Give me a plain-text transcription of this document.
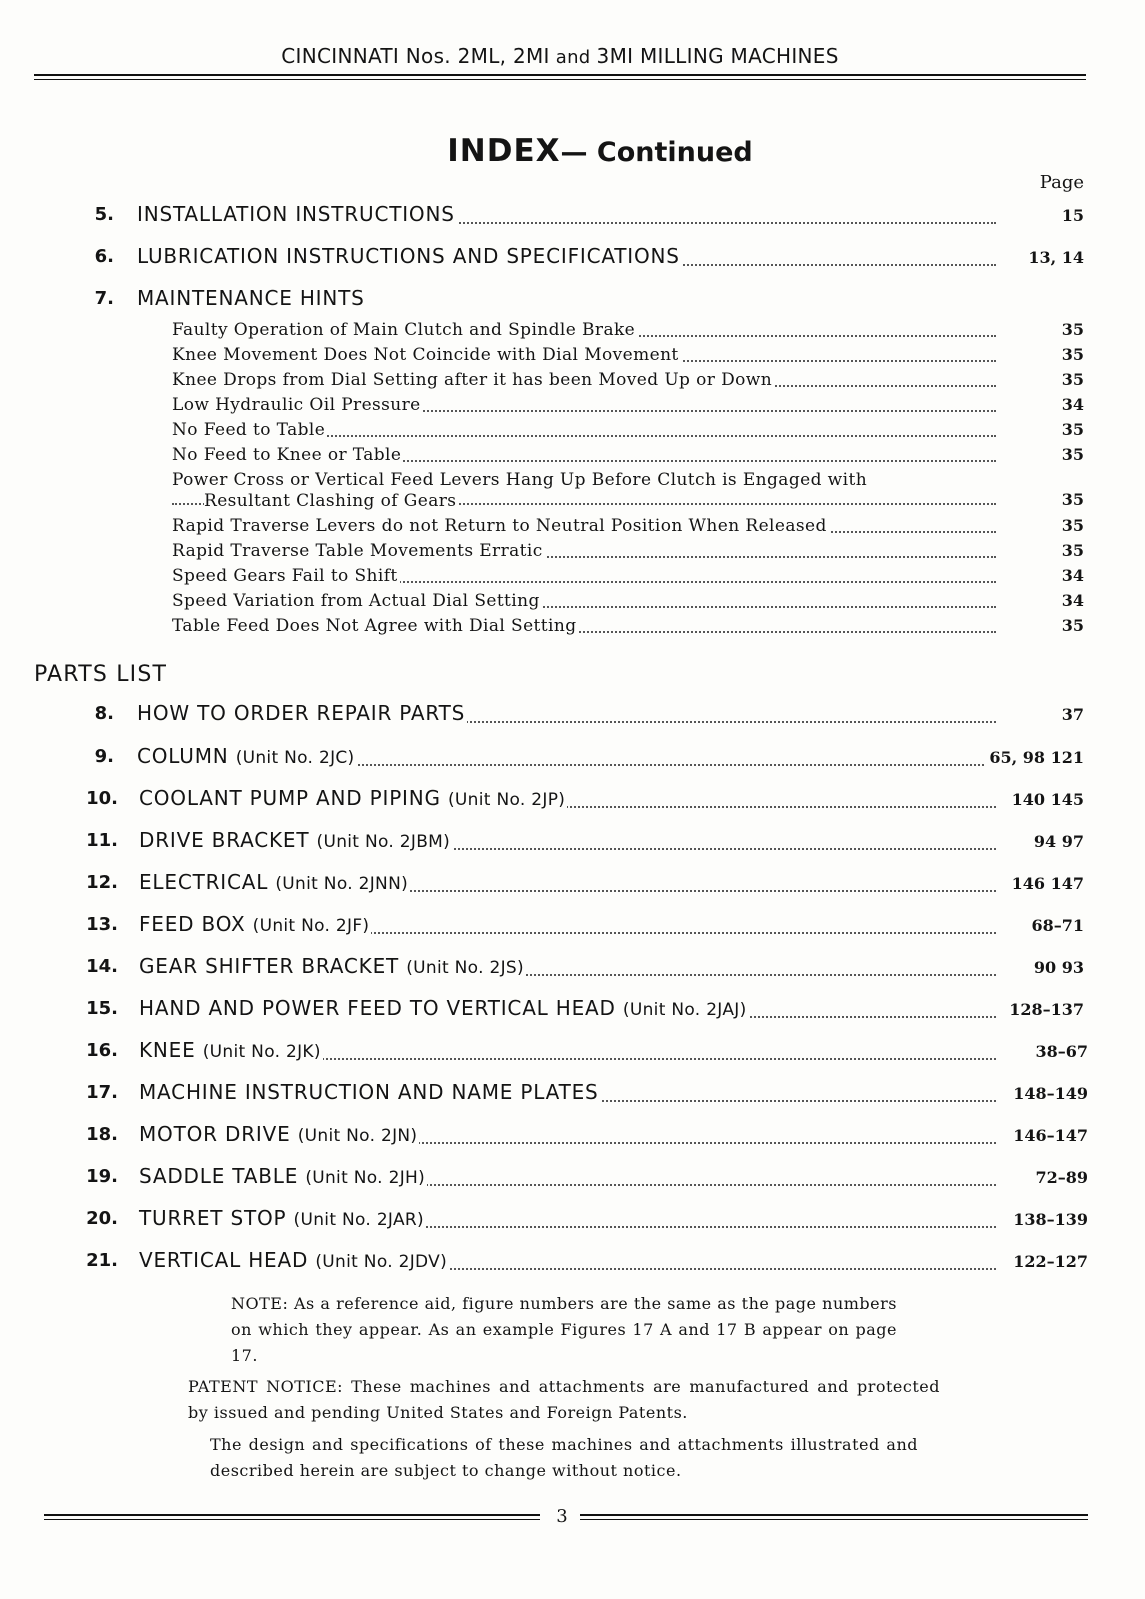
CINCINNATI Nos. 2ML, 2MI and 3MI MILLING MACHINES
INDEX— Continued
Page
5. INSTALLATION INSTRUCTIONS	15
6. LUBRICATION INSTRUCTIONS AND SPECIFICATIONS	13, 14
7. MAINTENANCE HINTS
Faulty Operation of Main Clutch and Spindle Brake	35
Knee Movement Does Not Coincide with Dial Movement	35
Knee Drops from Dial Setting after it has been Moved Up or Down	35
Low Hydraulic Oil Pressure	34
No Feed to Table	35
No Feed to Knee or Table	35
Power Cross or Vertical Feed Levers Hang Up Before Clutch is Engaged with
Resultant Clashing of Gears	35
Rapid Traverse Levers do not Return to Neutral Position When Released	35
Rapid Traverse Table Movements Erratic	35
Speed Gears Fail to Shift	34
Speed Variation from Actual Dial Setting	34
Table Feed Does Not Agree with Dial Setting	35
PARTS LIST
8. HOW TO ORDER REPAIR PARTS	37
9. COLUMN (Unit No. 2JC)	65, 98 121
10. COOLANT PUMP AND PIPING (Unit No. 2JP)	140 145
11. DRIVE BRACKET (Unit No. 2JBM)	94 97
12. ELECTRICAL (Unit No. 2JNN)	146 147
13. FEED BOX (Unit No. 2JF)	68–71
14. GEAR SHIFTER BRACKET (Unit No. 2JS)	90 93
15. HAND AND POWER FEED TO VERTICAL HEAD (Unit No. 2JAJ)	128–137
16. KNEE (Unit No. 2JK)	38–67
17. MACHINE INSTRUCTION AND NAME PLATES	148–149
18. MOTOR DRIVE (Unit No. 2JN)	146–147
19. SADDLE TABLE (Unit No. 2JH)	72–89
20. TURRET STOP (Unit No. 2JAR)	138–139
21. VERTICAL HEAD (Unit No. 2JDV)	122–127
NOTE: As a reference aid, figure numbers are the same as the page numbers on which they appear. As an example Figures 17 A and 17 B appear on page 17.
PATENT NOTICE: These machines and attachments are manufactured and protected by issued and pending United States and Foreign Patents.
The design and specifications of these machines and attachments illustrated and described herein are subject to change without notice.
3
